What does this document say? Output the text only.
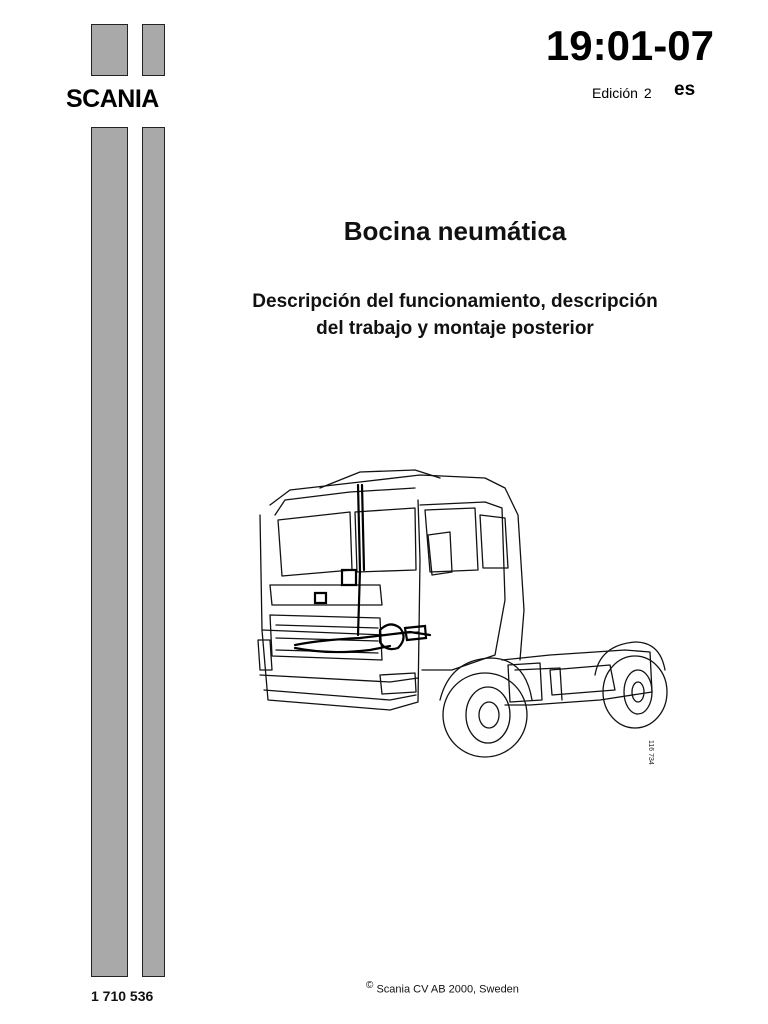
SCANIA
19:01-07
Edición 2 es
Bocina neumática
Descripción del funcionamiento, descripción
del trabajo y montaje posterior
116 734
1 710 536
© Scania CV AB 2000, Sweden
